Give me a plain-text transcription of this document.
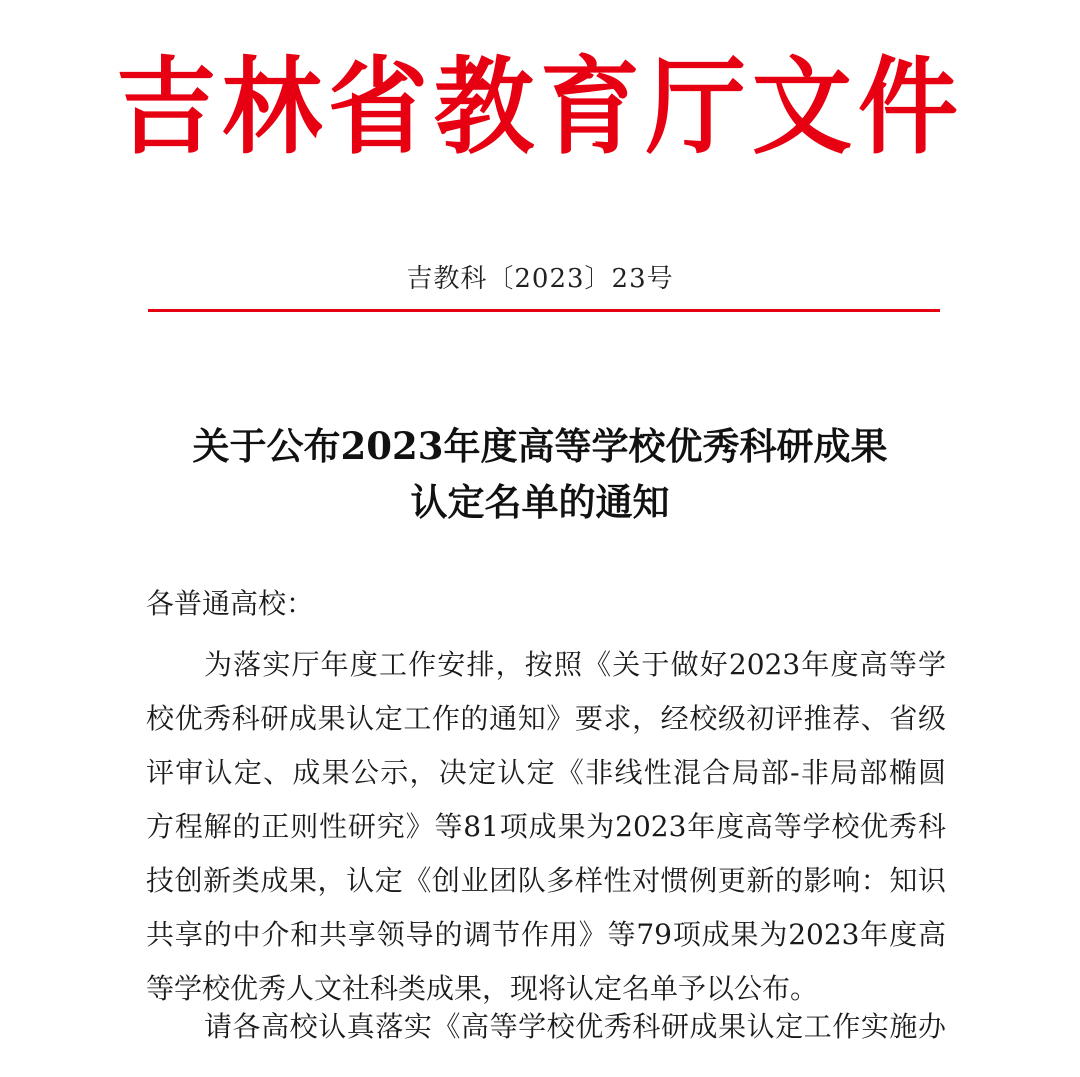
吉林省教育厅文件
吉教科〔2023〕23号
关于公布2023年度高等学校优秀科研成果
认定名单的通知
各普通高校：
为落实厅年度工作安排，按照《关于做好2023年度高等学
校优秀科研成果认定工作的通知》要求，经校级初评推荐、省级
评审认定、成果公示，决定认定《非线性混合局部-非局部椭圆
方程解的正则性研究》等81项成果为2023年度高等学校优秀科
技创新类成果，认定《创业团队多样性对惯例更新的影响：知识
共享的中介和共享领导的调节作用》等79项成果为2023年度高
等学校优秀人文社科类成果，现将认定名单予以公布。
请各高校认真落实《高等学校优秀科研成果认定工作实施办
